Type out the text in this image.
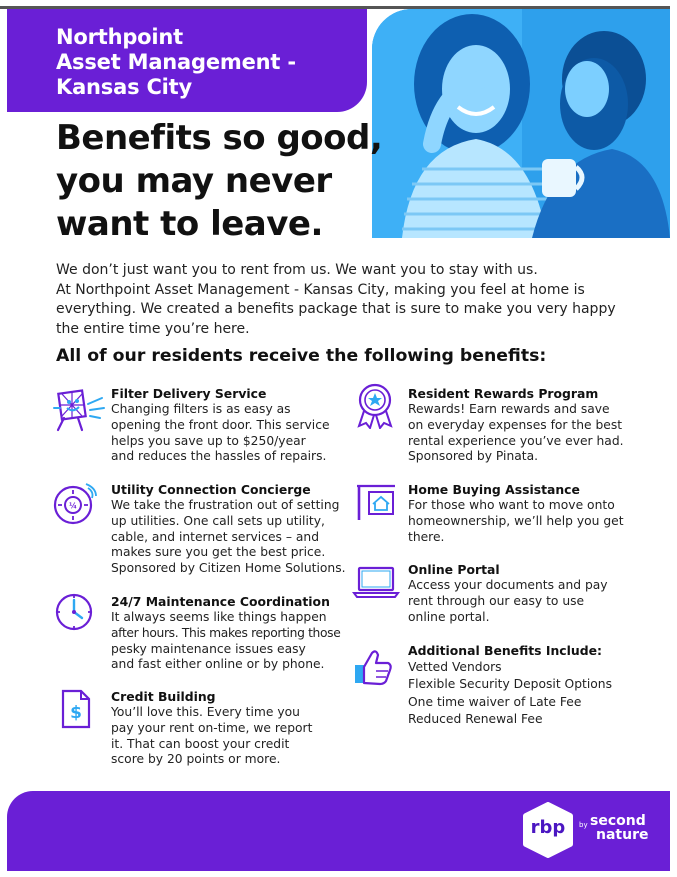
Northpoint
Asset Management -
Kansas City
Benefits so good,
you may never
want to leave.
We don’t just want you to rent from us. We want you to stay with us.
At Northpoint Asset Management - Kansas City, making you feel at home is
everything. We created a benefits package that is sure to make you very happy
the entire time you’re here.
All of our residents receive the following benefits:
¼
$
Filter Delivery Service
Changing filters is as easy as
opening the front door. This service
helps you save up to $250/year
and reduces the hassles of repairs.
Utility Connection Concierge
We take the frustration out of setting
up utilities. One call sets up utility,
cable, and internet services – and
makes sure you get the best price.
Sponsored by Citizen Home Solutions.
24/7 Maintenance Coordination
It always seems like things happen
after hours. This makes reporting those
pesky maintenance issues easy
and fast either online or by phone.
Credit Building
You’ll love this. Every time you
pay your rent on-time, we report
it. That can boost your credit
score by 20 points or more.
Resident Rewards Program
Rewards! Earn rewards and save
on everyday expenses for the best
rental experience you’ve ever had.
Sponsored by Pinata.
Home Buying Assistance
For those who want to move onto
homeownership, we’ll help you get
there.
Online Portal
Access your documents and pay
rent through our easy to use
online portal.
Additional Benefits Include:
Vetted Vendors
Flexible Security Deposit Options
One time waiver of Late Fee
Reduced Renewal Fee
rbp	by second
nature
